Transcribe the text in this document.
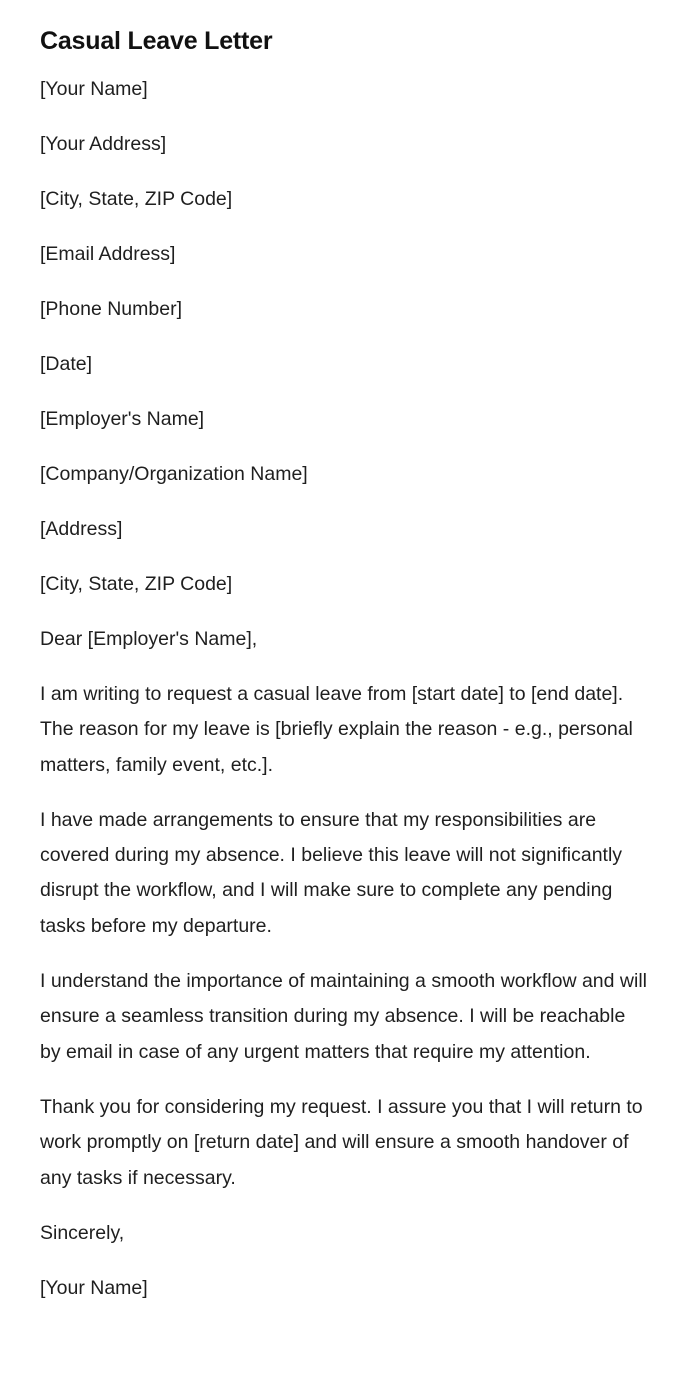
Casual Leave Letter
[Your Name]
[Your Address]
[City, State, ZIP Code]
[Email Address]
[Phone Number]
[Date]
[Employer's Name]
[Company/Organization Name]
[Address]
[City, State, ZIP Code]
Dear [Employer's Name],
I am writing to request a casual leave from [start date] to [end date]. The reason for my leave is [briefly explain the reason - e.g., personal matters, family event, etc.].
I have made arrangements to ensure that my responsibilities are covered during my absence. I believe this leave will not significantly disrupt the workflow, and I will make sure to complete any pending tasks before my departure.
I understand the importance of maintaining a smooth workflow and will ensure a seamless transition during my absence. I will be reachable by email in case of any urgent matters that require my attention.
Thank you for considering my request. I assure you that I will return to work promptly on [return date] and will ensure a smooth handover of any tasks if necessary.
Sincerely,
[Your Name]
